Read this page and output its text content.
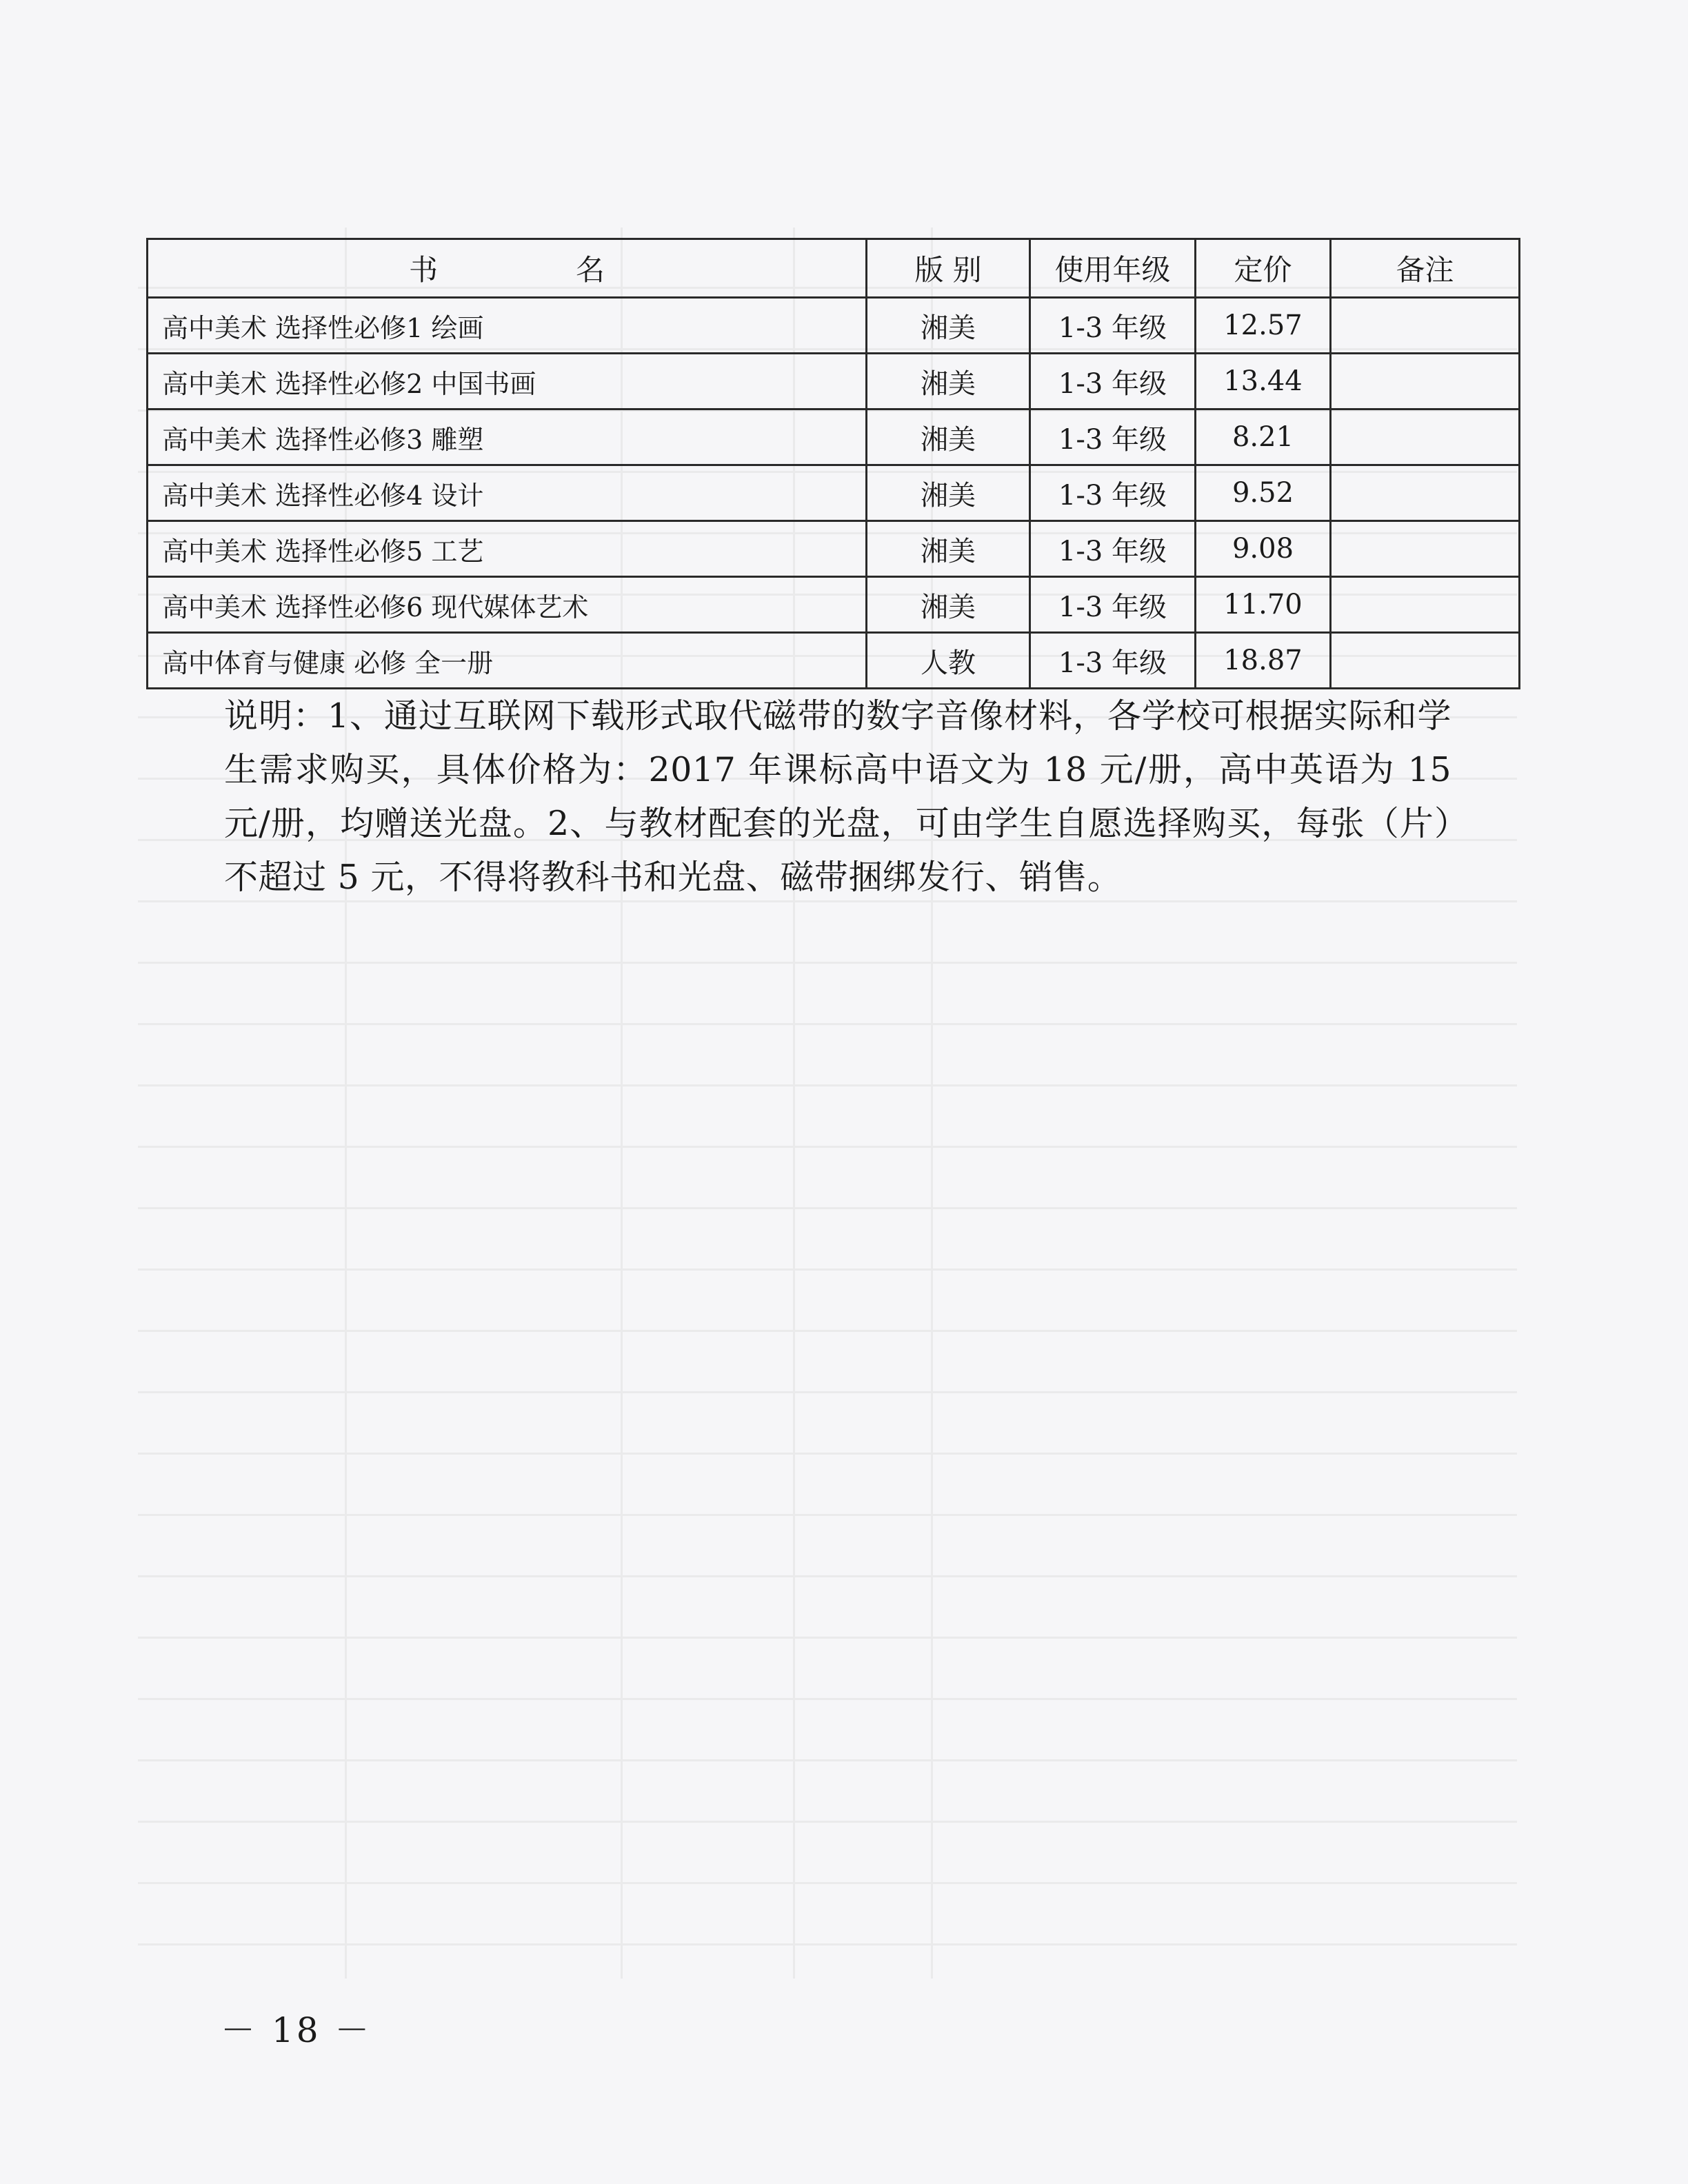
书 名	版 别	使用年级	定价	备注
高中美术 选择性必修1 绘画	湘美	1-3 年级	12.57	
高中美术 选择性必修2 中国书画	湘美	1-3 年级	13.44	
高中美术 选择性必修3 雕塑	湘美	1-3 年级	8.21	
高中美术 选择性必修4 设计	湘美	1-3 年级	9.52	
高中美术 选择性必修5 工艺	湘美	1-3 年级	9.08	
高中美术 选择性必修6 现代媒体艺术	湘美	1-3 年级	11.70	
高中体育与健康 必修 全一册	人教	1-3 年级	18.87	
说明：1、通过互联网下载形式取代磁带的数字音像材料，各学校可根据实际和学生需求购买，具体价格为：2017 年课标高中语文为 18 元/册，高中英语为 15 元/册，均赠送光盘。2、与教材配套的光盘，可由学生自愿选择购买，每张（片）不超过 5 元，不得将教科书和光盘、磁带捆绑发行、销售。
－ 18 －
